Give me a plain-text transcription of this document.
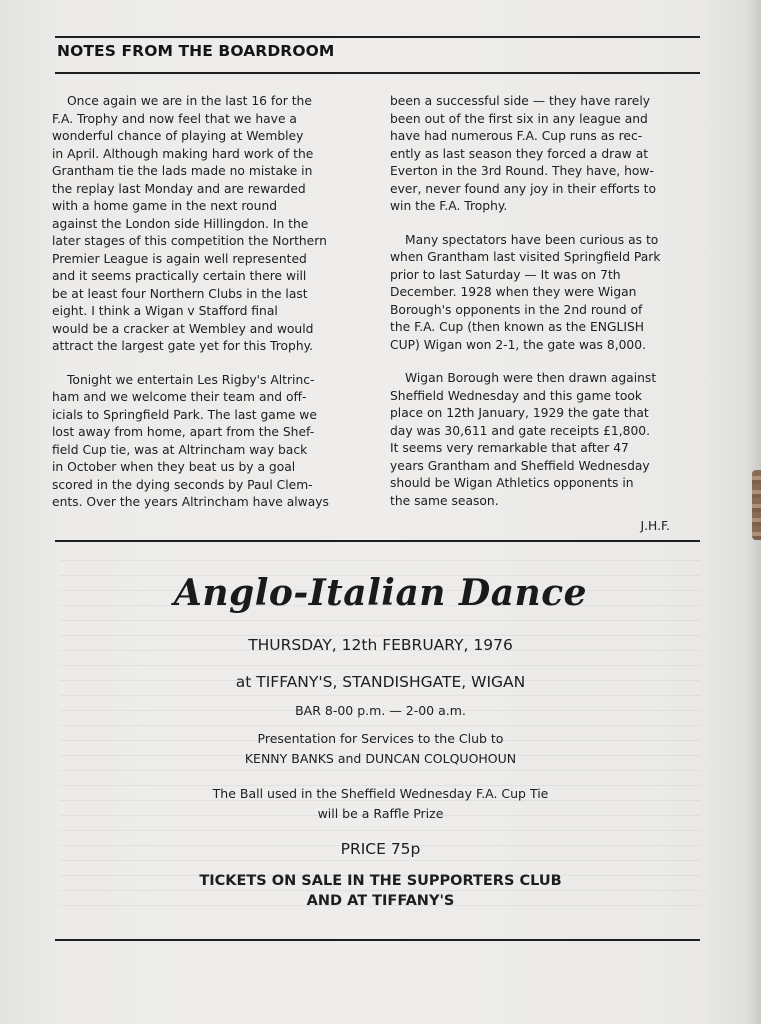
NOTES FROM THE BOARDROOM

Once again we are in the last 16 for the
F.A. Trophy and now feel that we have a
wonderful chance of playing at Wembley
in April. Although making hard work of the
Grantham tie the lads made no mistake in
the replay last Monday and are rewarded
with a home game in the next round
against the London side Hillingdon. In the
later stages of this competition the Northern
Premier League is again well represented
and it seems practically certain there will
be at least four Northern Clubs in the last
eight. I think a Wigan v Stafford final
would be a cracker at Wembley and would
attract the largest gate yet for this Trophy.

Tonight we entertain Les Rigby's Altrinc-
ham and we welcome their team and off-
icials to Springfield Park. The last game we
lost away from home, apart from the Shef-
field Cup tie, was at Altrincham way back
in October when they beat us by a goal
scored in the dying seconds by Paul Clem-
ents. Over the years Altrincham have always

been a successful side — they have rarely
been out of the first six in any league and
have had numerous F.A. Cup runs as rec-
ently as last season they forced a draw at
Everton in the 3rd Round. They have, how-
ever, never found any joy in their efforts to
win the F.A. Trophy.

Many spectators have been curious as to
when Grantham last visited Springfield Park
prior to last Saturday — It was on 7th
December. 1928 when they were Wigan
Borough's opponents in the 2nd round of
the F.A. Cup (then known as the ENGLISH
CUP) Wigan won 2-1, the gate was 8,000.

Wigan Borough were then drawn against
Sheffield Wednesday and this game took
place on 12th January, 1929 the gate that
day was 30,611 and gate receipts £1,800.
It seems very remarkable that after 47
years Grantham and Sheffield Wednesday
should be Wigan Athletics opponents in
the same season.

J.H.F.
Anglo-Italian Dance
THURSDAY, 12th FEBRUARY, 1976
at TIFFANY'S, STANDISHGATE, WIGAN
BAR 8-00 p.m. — 2-00 a.m.
Presentation for Services to the Club to
KENNY BANKS and DUNCAN COLQUOHOUN
The Ball used in the Sheffield Wednesday F.A. Cup Tie
will be a Raffle Prize
PRICE 75p
TICKETS ON SALE IN THE SUPPORTERS CLUB
AND AT TIFFANY'S
